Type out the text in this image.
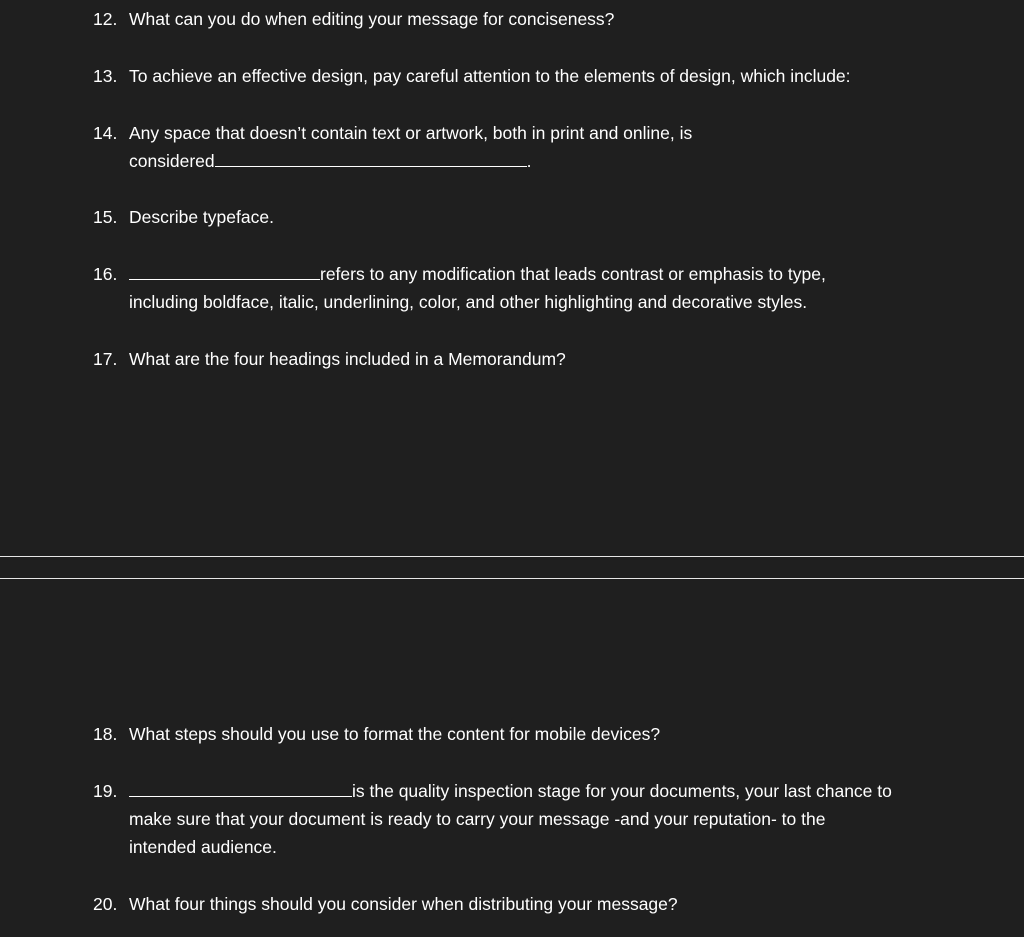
12. What can you do when editing your message for conciseness?
13. To achieve an effective design, pay careful attention to the elements of design, which include:
14. Any space that doesn’t contain text or artwork, both in print and online, is
considered	.
15. Describe typeface.
16.	refers to any modification that leads contrast or emphasis to type,
including boldface, italic, underlining, color, and other highlighting and decorative styles.
17. What are the four headings included in a Memorandum?
18. What steps should you use to format the content for mobile devices?
19.	is the quality inspection stage for your documents, your last chance to
make sure that your document is ready to carry your message -and your reputation- to the
intended audience.
20. What four things should you consider when distributing your message?
